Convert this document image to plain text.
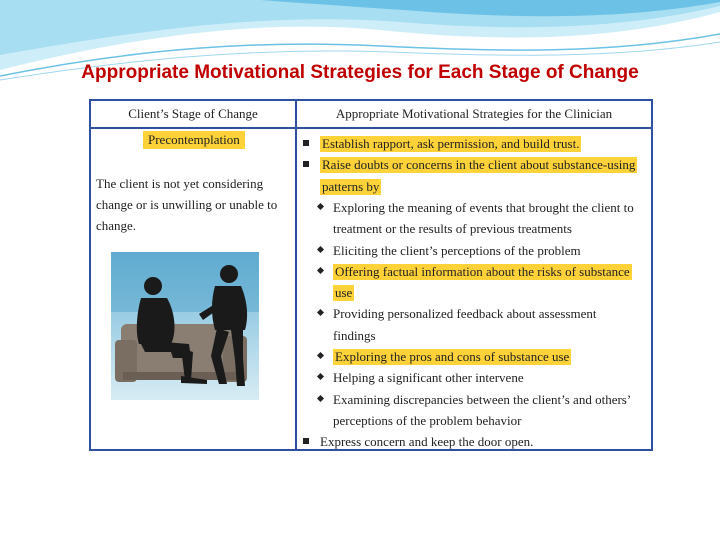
Appropriate Motivational Strategies for Each Stage of Change
Client’s Stage of Change	Appropriate Motivational Strategies for the Clinician
Precontemplation
The client is not yet considering change or is unwilling or unable to change.
Establish rapport, ask permission, and build trust.
Raise doubts or concerns in the client about substance-using
patterns by
Exploring the meaning of events that brought the client to
treatment or the results of previous treatments
Eliciting the client’s perceptions of the problem
Offering factual information about the risks of substance
use
Providing personalized feedback about assessment
findings
Exploring the pros and cons of substance use
Helping a significant other intervene
Examining discrepancies between the client’s and others’
perceptions of the problem behavior
Express concern and keep the door open.
